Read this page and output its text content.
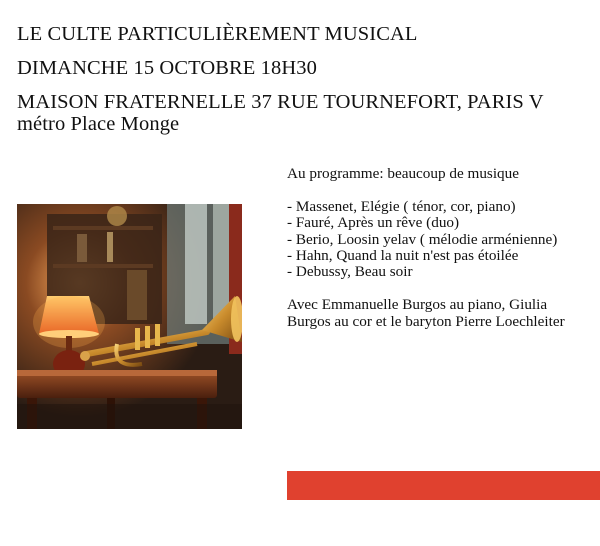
LE CULTE PARTICULIÈREMENT MUSICAL
DIMANCHE 15 OCTOBRE 18H30
MAISON FRATERNELLE 37 RUE TOURNEFORT, PARIS V
métro Place Monge

Au programme: beaucoup de musique

- Massenet, Elégie ( ténor, cor, piano)
- Fauré, Après un rêve (duo)
- Berio, Loosin yelav ( mélodie arménienne)
- Hahn, Quand la nuit n'est pas étoilée
- Debussy, Beau soir

Avec Emmanuelle Burgos au piano, Giulia Burgos au cor et le baryton Pierre Loechleiter
